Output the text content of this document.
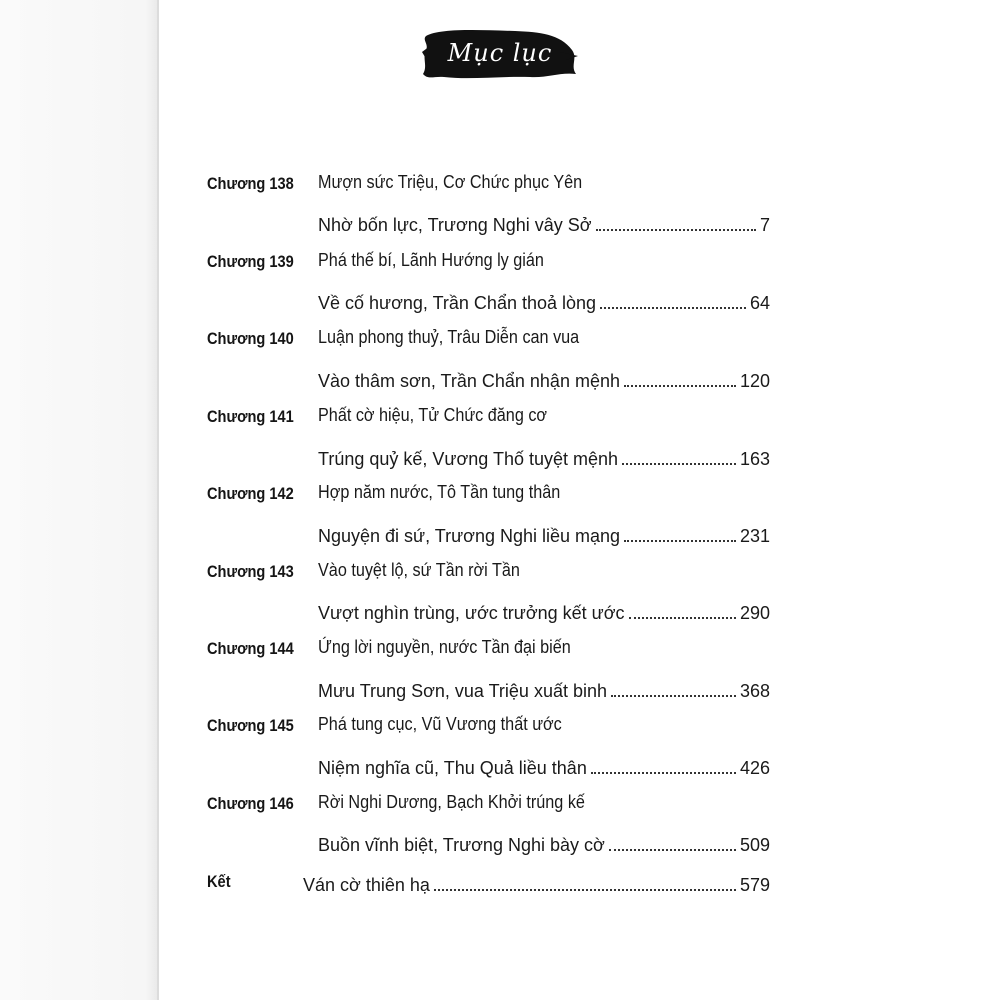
Mục lục
Chương 138 Mượn sức Triệu, Cơ Chức phục Yên
Nhờ bốn lực, Trương Nghi vây Sở	7
Chương 139 Phá thế bí, Lãnh Hướng ly gián
Về cố hương, Trần Chẩn thoả lòng	64
Chương 140 Luận phong thuỷ, Trâu Diễn can vua
Vào thâm sơn, Trần Chẩn nhận mệnh	120
Chương 141 Phất cờ hiệu, Tử Chức đăng cơ
Trúng quỷ kế, Vương Thố tuyệt mệnh	163
Chương 142 Hợp năm nước, Tô Tần tung thân
Nguyện đi sứ, Trương Nghi liều mạng	231
Chương 143 Vào tuyệt lộ, sứ Tần rời Tần
Vượt nghìn trùng, ước trưởng kết ước	290
Chương 144 Ứng lời nguyền, nước Tần đại biến
Mưu Trung Sơn, vua Triệu xuất binh	368
Chương 145 Phá tung cục, Vũ Vương thất ước
Niệm nghĩa cũ, Thu Quả liều thân	426
Chương 146 Rời Nghi Dương, Bạch Khởi trúng kế
Buồn vĩnh biệt, Trương Nghi bày cờ	509
Kết	Ván cờ thiên hạ	579
